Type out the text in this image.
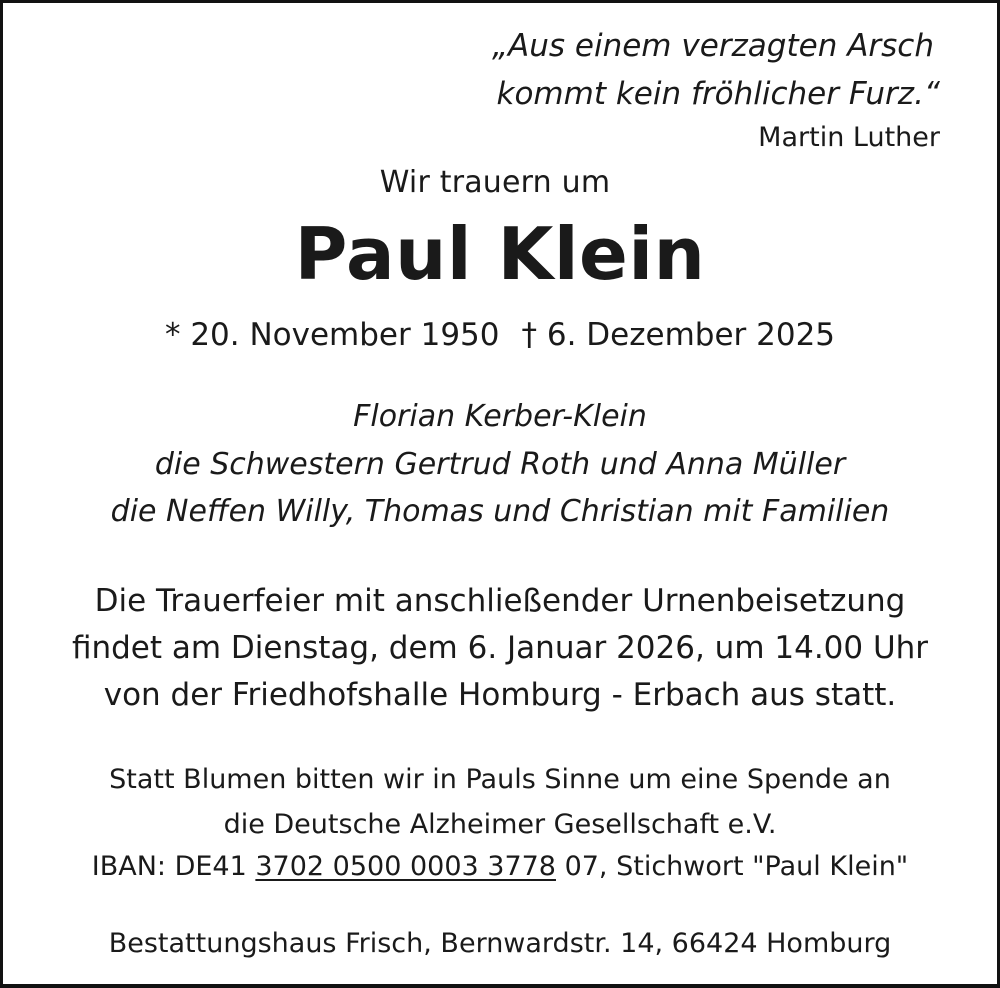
„Aus einem verzagten Arsch
kommt kein fröhlicher Furz.“
Martin Luther
Wir trauern um
Paul Klein
* 20. November 1950 † 6. Dezember 2025
Florian Kerber-Klein
die Schwestern Gertrud Roth und Anna Müller
die Neffen Willy, Thomas und Christian mit Familien
Die Trauerfeier mit anschließender Urnenbeisetzung
findet am Dienstag, dem 6. Januar 2026, um 14.00 Uhr
von der Friedhofshalle Homburg - Erbach aus statt.
Statt Blumen bitten wir in Pauls Sinne um eine Spende an
die Deutsche Alzheimer Gesellschaft e.V.
IBAN: DE41 3702 0500 0003 3778 07, Stichwort "Paul Klein"
Bestattungshaus Frisch, Bernwardstr. 14, 66424 Homburg
